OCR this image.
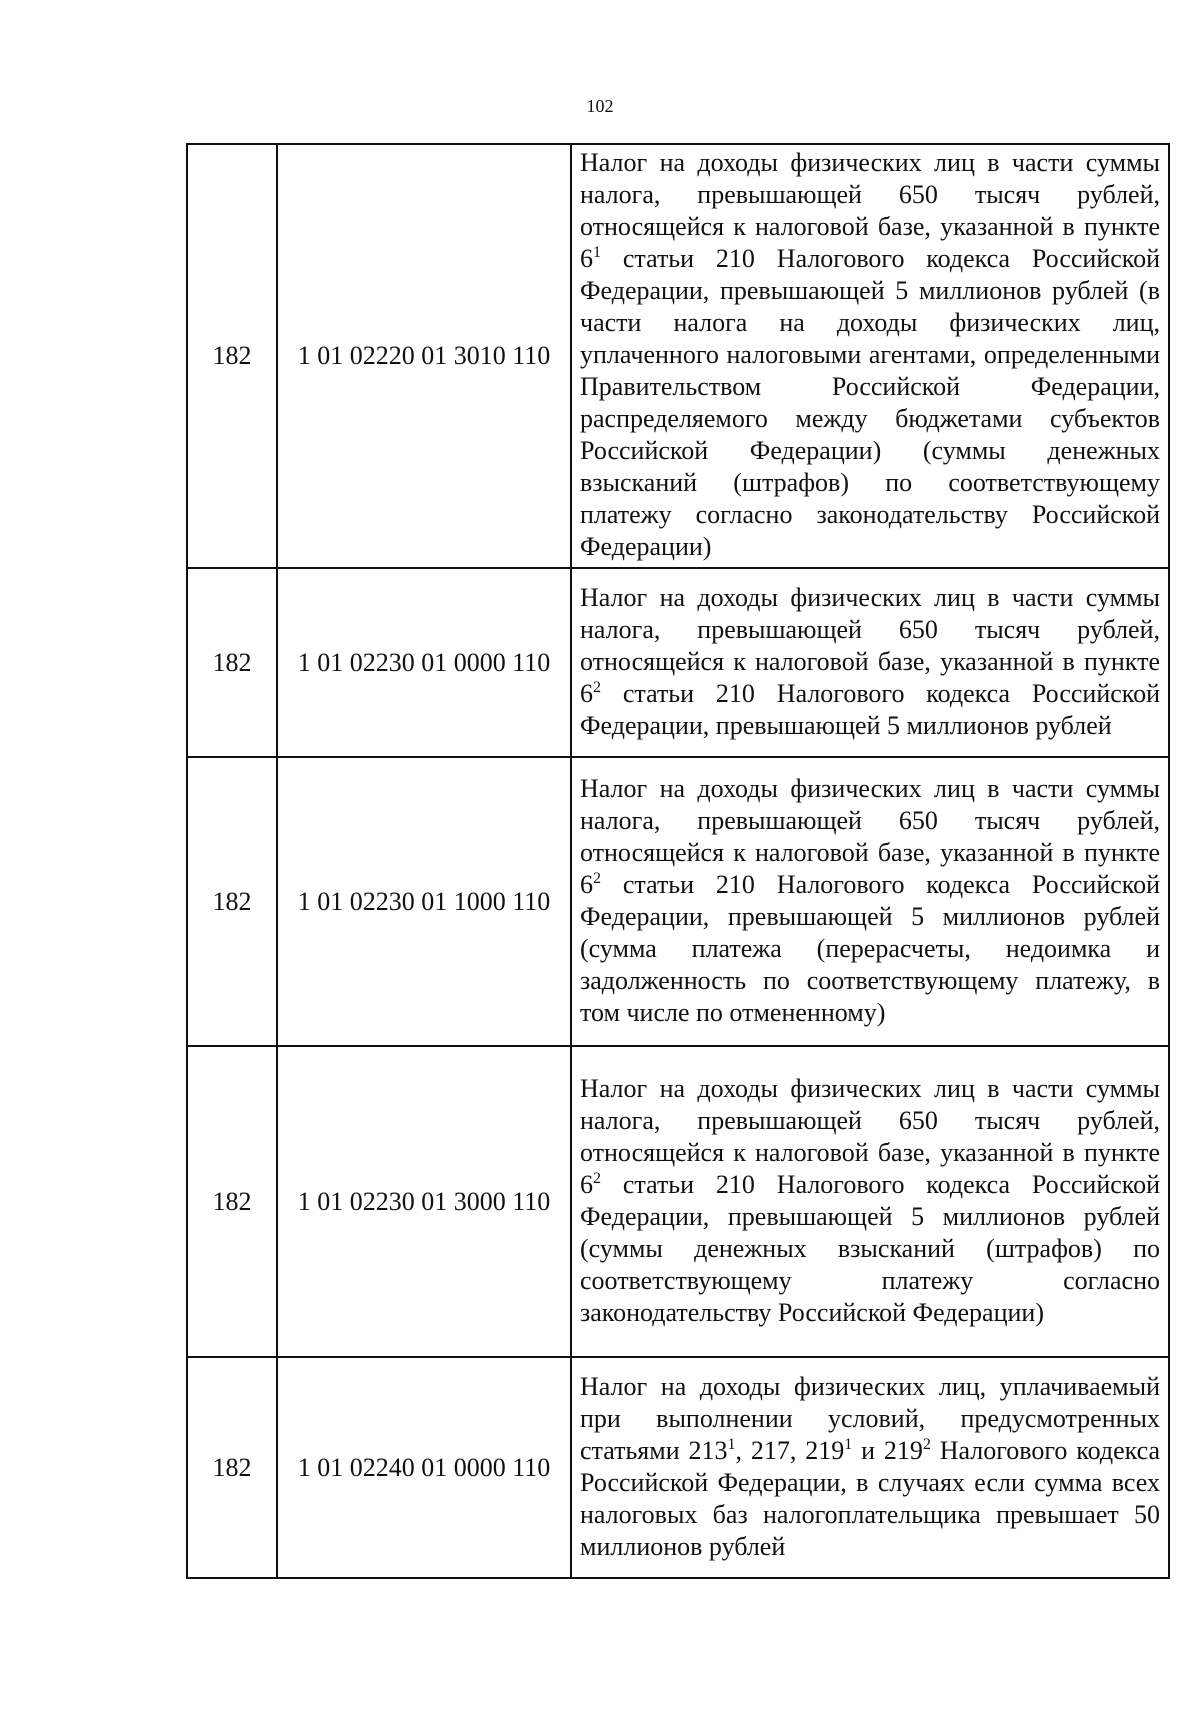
102
182	1 01 02220 01 3010 110	Налог на доходы физических лиц в части суммы налога, превышающей 650 тысяч рублей, относящейся к налоговой базе, указанной в пункте $6^1$ статьи 210 Налогового кодекса Российской Федерации, превышающей 5 миллионов рублей (в части налога на доходы физических лиц, уплаченного налоговыми агентами, определенными Правительством Российской Федерации, распределяемого между бюджетами субъектов Российской Федерации) (суммы денежных взысканий (штрафов) по соответствующему платежу согласно законодательству Российской Федерации)
182	1 01 02230 01 0000 110	Налог на доходы физических лиц в части суммы налога, превышающей 650 тысяч рублей, относящейся к налоговой базе, указанной в пункте $6^2$ статьи 210 Налогового кодекса Российской Федерации, превышающей 5 миллионов рублей
182	1 01 02230 01 1000 110	Налог на доходы физических лиц в части суммы налога, превышающей 650 тысяч рублей, относящейся к налоговой базе, указанной в пункте $6^2$ статьи 210 Налогового кодекса Российской Федерации, превышающей 5 миллионов рублей (сумма платежа (перерасчеты, недоимка и задолженность по соответствующему платежу, в том числе по отмененному)
182	1 01 02230 01 3000 110	Налог на доходы физических лиц в части суммы налога, превышающей 650 тысяч рублей, относящейся к налоговой базе, указанной в пункте $6^2$ статьи 210 Налогового кодекса Российской Федерации, превышающей 5 миллионов рублей (суммы денежных взысканий (штрафов) по соответствующему платежу согласно законодательству Российской Федерации)
182	1 01 02240 01 0000 110	Налог на доходы физических лиц, уплачиваемый при выполнении условий, предусмотренных статьями $213^1$, 217, $219^1$ и $219^2$ Налогового кодекса Российской Федерации, в случаях если сумма всех налоговых баз налогоплательщика превышает 50 миллионов рублей
